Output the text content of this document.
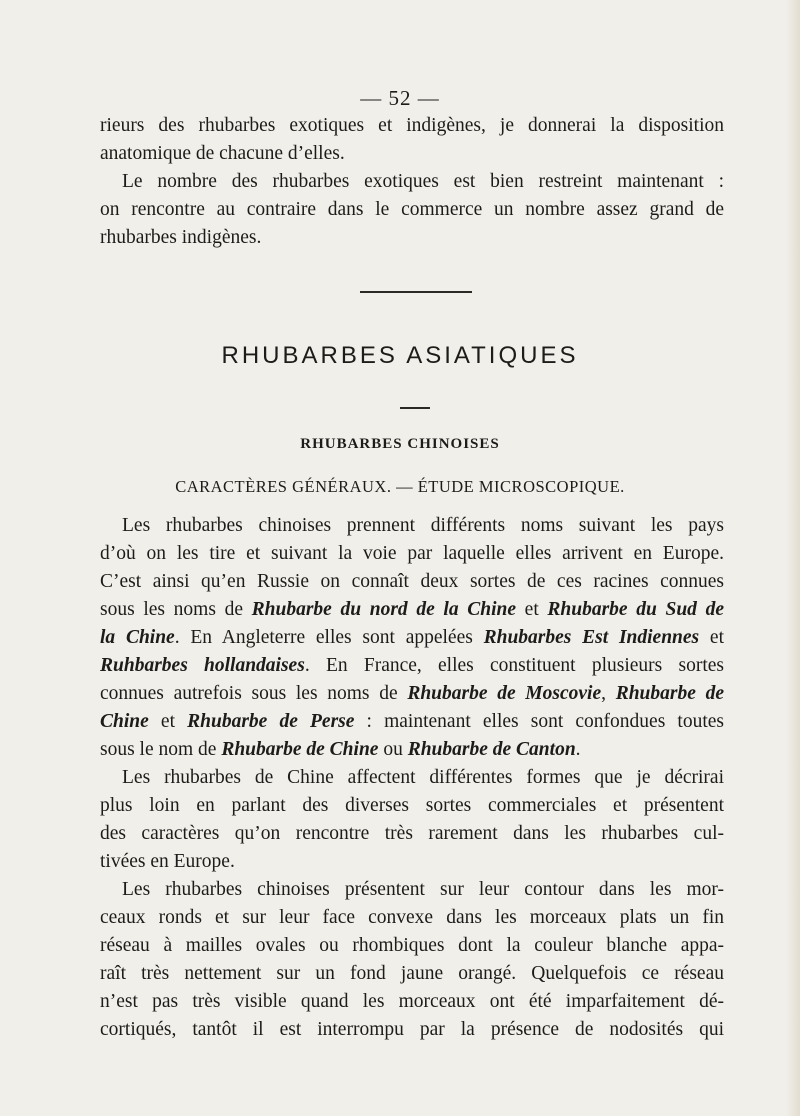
— 52 —

rieurs des rhubarbes exotiques et indigènes, je donnerai la disposition

anatomique de chacune d’elles.

Le nombre des rhubarbes exotiques est bien restreint maintenant :

on rencontre au contraire dans le commerce un nombre assez grand de

rhubarbes indigènes.

RHUBARBES ASIATIQUES
RHUBARBES CHINOISES
CARACTÈRES GÉNÉRAUX. — ÉTUDE MICROSCOPIQUE.

Les rhubarbes chinoises prennent différents noms suivant les pays

d’où on les tire et suivant la voie par laquelle elles arrivent en Europe.

C’est ainsi qu’en Russie on connaît deux sortes de ces racines connues

sous les noms de Rhubarbe du nord de la Chine et Rhubarbe du Sud de

la Chine. En Angleterre elles sont appelées Rhubarbes Est Indiennes et

Ruhbarbes hollandaises. En France, elles constituent plusieurs sortes

connues autrefois sous les noms de Rhubarbe de Moscovie, Rhubarbe de

Chine et Rhubarbe de Perse : maintenant elles sont confondues toutes

sous le nom de Rhubarbe de Chine ou Rhubarbe de Canton.

Les rhubarbes de Chine affectent différentes formes que je décrirai

plus loin en parlant des diverses sortes commerciales et présentent

des caractères qu’on rencontre très rarement dans les rhubarbes cul-

tivées en Europe.

Les rhubarbes chinoises présentent sur leur contour dans les mor-

ceaux ronds et sur leur face convexe dans les morceaux plats un fin

réseau à mailles ovales ou rhombiques dont la couleur blanche appa-

raît très nettement sur un fond jaune orangé. Quelquefois ce réseau

n’est pas très visible quand les morceaux ont été imparfaitement dé-

cortiqués, tantôt il est interrompu par la présence de nodosités qui
